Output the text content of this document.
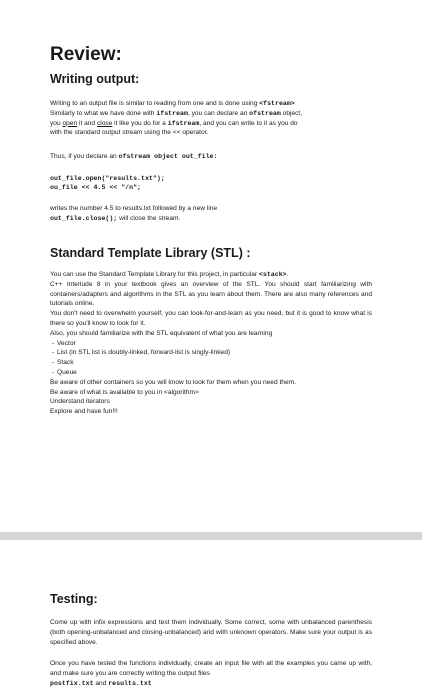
Review:
Writing output:

Writing to an output file is similar to reading from one and is done using <fstream>
Similarly to what we have done with ifstream, you can declare an ofstream object,
you open it and close it like you do for a ifstream, and you can write to it as you do
with the standard output stream using the << operator.

Thus, if you declare an ofstream object out_file:

out_file.open("results.txt");
ou_file << 4.5 << "/n";

writes the number 4.5 to results.txt followed by a new line

out_file.close(); will close the stream.

Standard Template Library (STL) :

You can use the Standard Template Library for this project, in particular <stack>.

C++ Interlude 8 in your textbook gives an overview of the STL. You should start familiarizing with containers/adapters and algorithms in the STL as you learn about them. There are also many references and tutorials online.

You don't need to overwhelm yourself, you can look-for-and-learn as you need, but it is good to know what is there so you'll know to look for it.

Also, you should familiarize with the STL equivalent of what you are learning

- Vector
- List (in STL list is doubly-linked, forward-list is singly-linked)
- Stack
- Queue

Be aware of other containers so you will know to look for them when you need them.

Be aware of what is available to you in <algorithm>

Understand iterators

Explore and have fun!!!

Testing:

Come up with infix expressions and test them individually. Some correct, some with unbalanced parenthesis (both opening-unbalanced and closing-unbalanced) and with unknown operators. Make sure your output is as specified above.

Once you have tested the functions individually, create an input file with all the examples you came up with, and make sure you are correctly writing the output files

postfix.txt and results.txt
